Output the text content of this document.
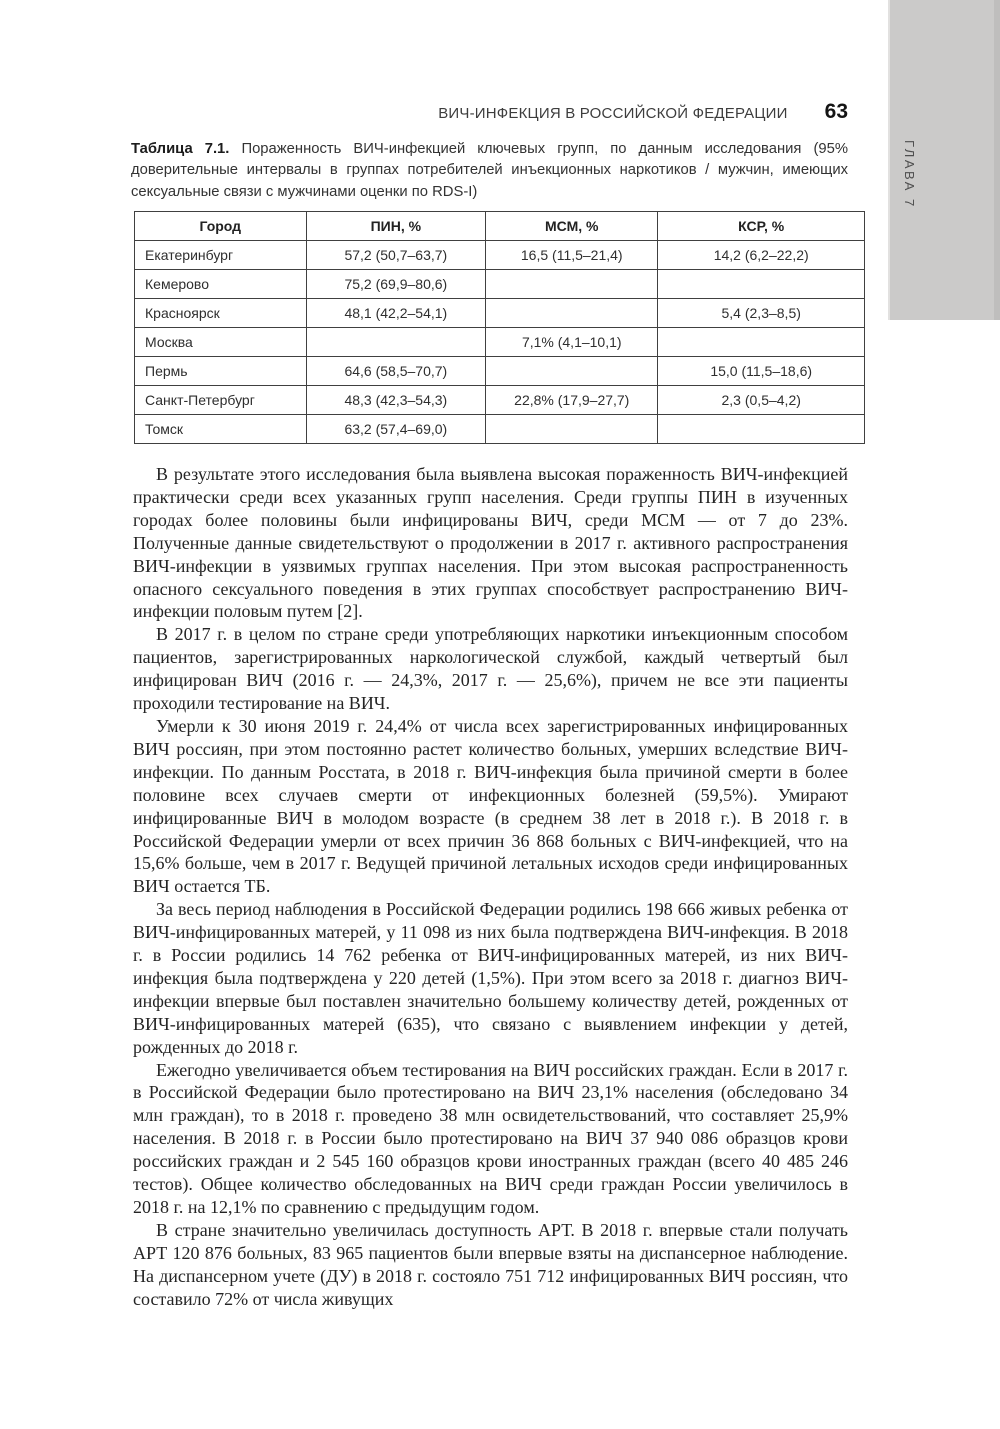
ГЛАВА 7
ВИЧ-ИНФЕКЦИЯ В РОССИЙСКОЙ ФЕДЕРАЦИИ 63

Таблица 7.1. Пораженность ВИЧ-инфекцией ключевых групп, по данным исследования (95% доверительные интервалы в группах потребителей инъекционных наркотиков / мужчин, имеющих сексуальные связи с мужчинами оценки по RDS-I)

Город	ПИН, %	МСМ, %	КСР, %
Екатеринбург	57,2 (50,7–63,7)	16,5 (11,5–21,4)	14,2 (6,2–22,2)
Кемерово	75,2 (69,9–80,6)		
Красноярск	48,1 (42,2–54,1)		5,4 (2,3–8,5)
Москва		7,1% (4,1–10,1)	
Пермь	64,6 (58,5–70,7)		15,0 (11,5–18,6)
Санкт-Петербург	48,3 (42,3–54,3)	22,8% (17,9–27,7)	2,3 (0,5–4,2)
Томск	63,2 (57,4–69,0)		

В результате этого исследования была выявлена высокая пораженность ВИЧ-инфекцией практически среди всех указанных групп населения. Среди группы ПИН в изученных городах более половины были инфицированы ВИЧ, среди МСМ — от 7 до 23%. Полученные данные свидетельствуют о продолжении в 2017 г. активного распространения ВИЧ-инфекции в уязвимых группах населения. При этом высокая распространенность опасного сексуального поведения в этих группах способствует распространению ВИЧ-инфекции половым путем [2].

В 2017 г. в целом по стране среди употребляющих наркотики инъекционным способом пациентов, зарегистрированных наркологической службой, каждый четвертый был инфицирован ВИЧ (2016 г. — 24,3%, 2017 г. — 25,6%), причем не все эти пациенты проходили тестирование на ВИЧ.

Умерли к 30 июня 2019 г. 24,4% от числа всех зарегистрированных инфицированных ВИЧ россиян, при этом постоянно растет количество больных, умерших вследствие ВИЧ-инфекции. По данным Росстата, в 2018 г. ВИЧ-инфекция была причиной смерти в более половине всех случаев смерти от инфекционных болезней (59,5%). Умирают инфицированные ВИЧ в молодом возрасте (в среднем 38 лет в 2018 г.). В 2018 г. в Российской Федерации умерли от всех причин 36 868 больных с ВИЧ-инфекцией, что на 15,6% больше, чем в 2017 г. Ведущей причиной летальных исходов среди инфицированных ВИЧ остается ТБ.

За весь период наблюдения в Российской Федерации родились 198 666 живых ребенка от ВИЧ-инфицированных матерей, у 11 098 из них была подтверждена ВИЧ-инфекция. В 2018 г. в России родились 14 762 ребенка от ВИЧ-инфицированных матерей, из них ВИЧ-инфекция была подтверждена у 220 детей (1,5%). При этом всего за 2018 г. диагноз ВИЧ-инфекции впервые был поставлен значительно большему количеству детей, рожденных от ВИЧ-инфицированных матерей (635), что связано с выявлением инфекции у детей, рожденных до 2018 г.

Ежегодно увеличивается объем тестирования на ВИЧ российских граждан. Если в 2017 г. в Российской Федерации было протестировано на ВИЧ 23,1% населения (обследовано 34 млн граждан), то в 2018 г. проведено 38 млн освидетельствований, что составляет 25,9% населения. В 2018 г. в России было протестировано на ВИЧ 37 940 086 образцов крови российских граждан и 2 545 160 образцов крови иностранных граждан (всего 40 485 246 тестов). Общее количество обследованных на ВИЧ среди граждан России увеличилось в 2018 г. на 12,1% по сравнению с предыдущим годом.

В стране значительно увеличилась доступность АРТ. В 2018 г. впервые стали получать АРТ 120 876 больных, 83 965 пациентов были впервые взяты на диспансерное наблюдение. На диспансерном учете (ДУ) в 2018 г. состояло 751 712 инфицированных ВИЧ россиян, что составило 72% от числа живущих
